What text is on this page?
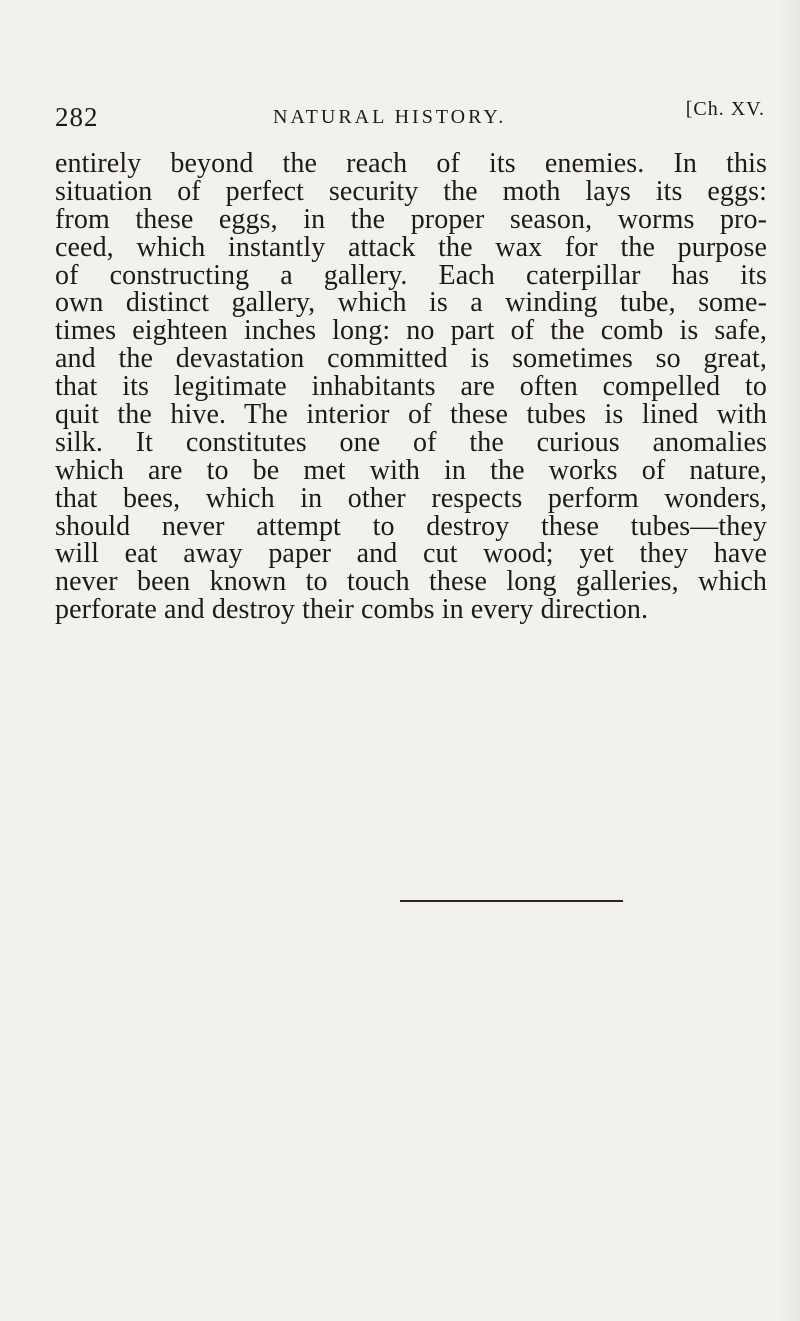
282	NATURAL HISTORY.	[Ch. XV.

entirely beyond the reach of its enemies. In this
situation of perfect security the moth lays its eggs:
from these eggs, in the proper season, worms pro-
ceed, which instantly attack the wax for the purpose
of constructing a gallery. Each caterpillar has its
own distinct gallery, which is a winding tube, some-
times eighteen inches long: no part of the comb is safe,
and the devastation committed is sometimes so great,
that its legitimate inhabitants are often compelled to
quit the hive. The interior of these tubes is lined with
silk. It constitutes one of the curious anomalies
which are to be met with in the works of nature,
that bees, which in other respects perform wonders,
should never attempt to destroy these tubes—they
will eat away paper and cut wood; yet they have
never been known to touch these long galleries, which
perforate and destroy their combs in every direction.
